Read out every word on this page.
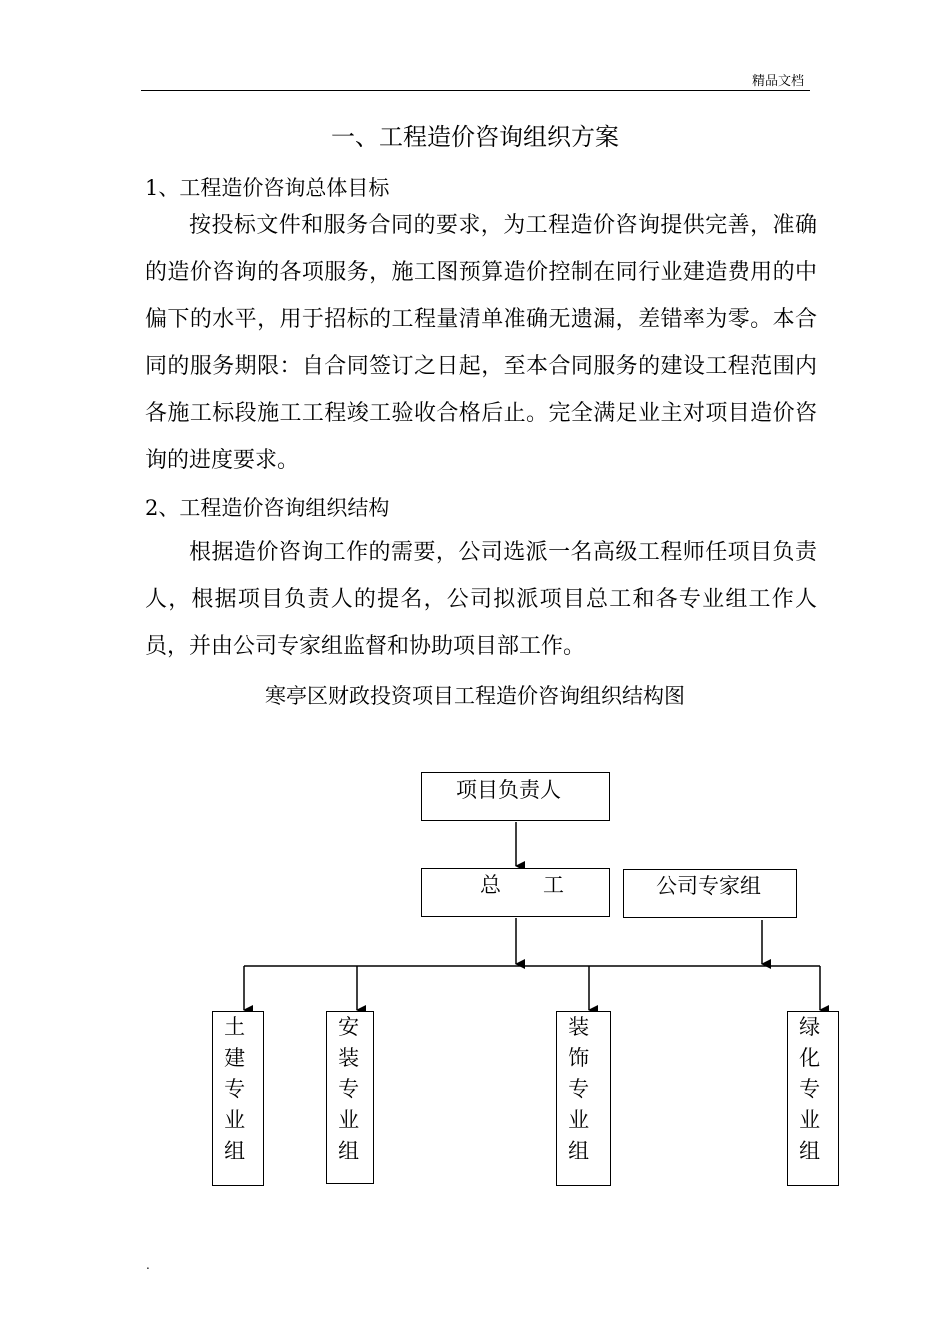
精品文档
一、工程造价咨询组织方案
1、工程造价咨询总体目标

按投标文件和服务合同的要求，为工程造价咨询提供完善，准确的造价咨询的各项服务，施工图预算造价控制在同行业建造费用的中偏下的水平，用于招标的工程量清单准确无遗漏，差错率为零。本合同的服务期限：自合同签订之日起，至本合同服务的建设工程范围内各施工标段施工工程竣工验收合格后止。完全满足业主对项目造价咨询的进度要求。

2、工程造价咨询组织结构

根据造价咨询工作的需要，公司选派一名高级工程师任项目负责人，根据项目负责人的提名，公司拟派项目总工和各专业组工作人员，并由公司专家组监督和协助项目部工作。

寒亭区财政投资项目工程造价咨询组织结构图
项目负责人
总　　工	公司专家组
土建专业组
安装专业组
装饰专业组
绿化专业组
.
